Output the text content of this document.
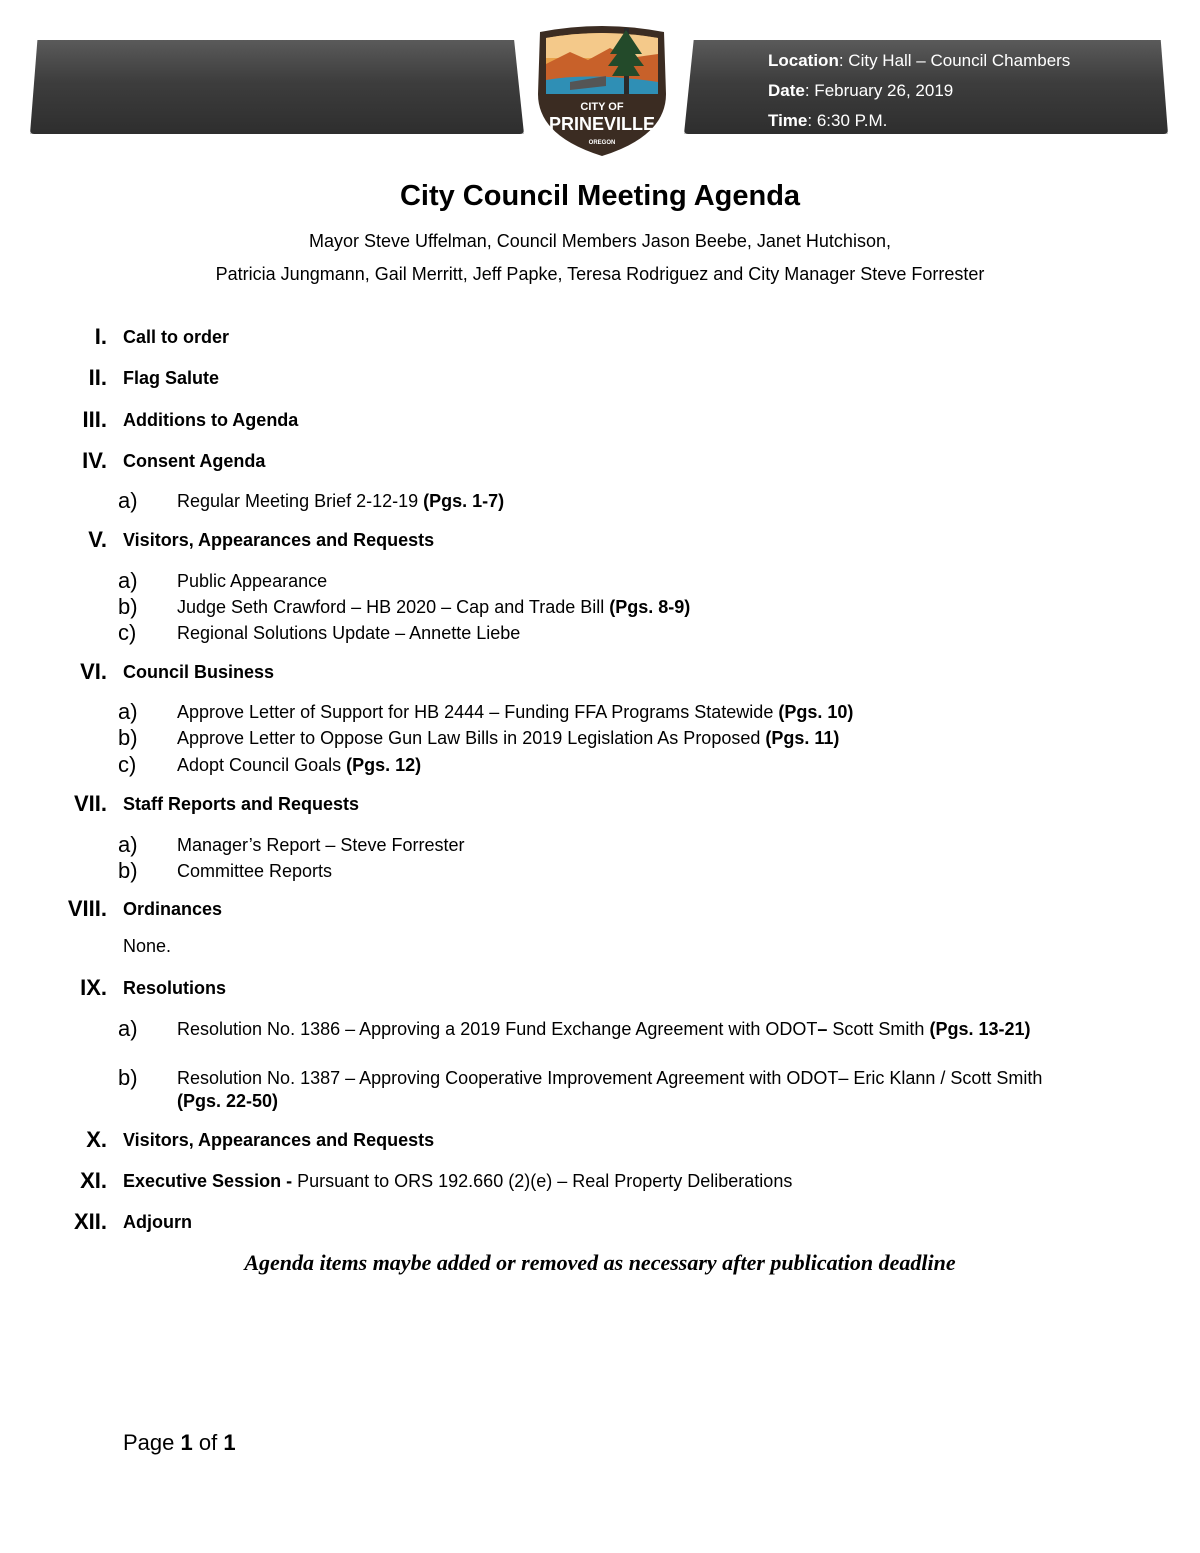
Location: City Hall – Council Chambers
Date: February 26, 2019
Time: 6:30 P.M.
CITY OF
PRINEVILLE
OREGON
City Council Meeting Agenda
Mayor Steve Uffelman, Council Members Jason Beebe, Janet Hutchison,
Patricia Jungmann, Gail Merritt, Jeff Papke, Teresa Rodriguez and City Manager Steve Forrester
I. Call to order
II. Flag Salute
III. Additions to Agenda
IV. Consent Agenda
a) Regular Meeting Brief 2-12-19 (Pgs. 1-7)
V. Visitors, Appearances and Requests
a) Public Appearance
b) Judge Seth Crawford – HB 2020 – Cap and Trade Bill (Pgs. 8-9)
c) Regional Solutions Update – Annette Liebe
VI. Council Business
a) Approve Letter of Support for HB 2444 – Funding FFA Programs Statewide (Pgs. 10)
b) Approve Letter to Oppose Gun Law Bills in 2019 Legislation As Proposed (Pgs. 11)
c) Adopt Council Goals (Pgs. 12)
VII. Staff Reports and Requests
a) Manager’s Report – Steve Forrester
b) Committee Reports
VIII. Ordinances
None.
IX. Resolutions
a) Resolution No. 1386 – Approving a 2019 Fund Exchange Agreement with ODOT– Scott Smith (Pgs. 13-21)
b) Resolution No. 1387 – Approving Cooperative Improvement Agreement with ODOT– Eric Klann / Scott Smith (Pgs. 22-50)
X. Visitors, Appearances and Requests
XI. Executive Session - Pursuant to ORS 192.660 (2)(e) – Real Property Deliberations
XII. Adjourn
Agenda items maybe added or removed as necessary after publication deadline
Page 1 of 1
